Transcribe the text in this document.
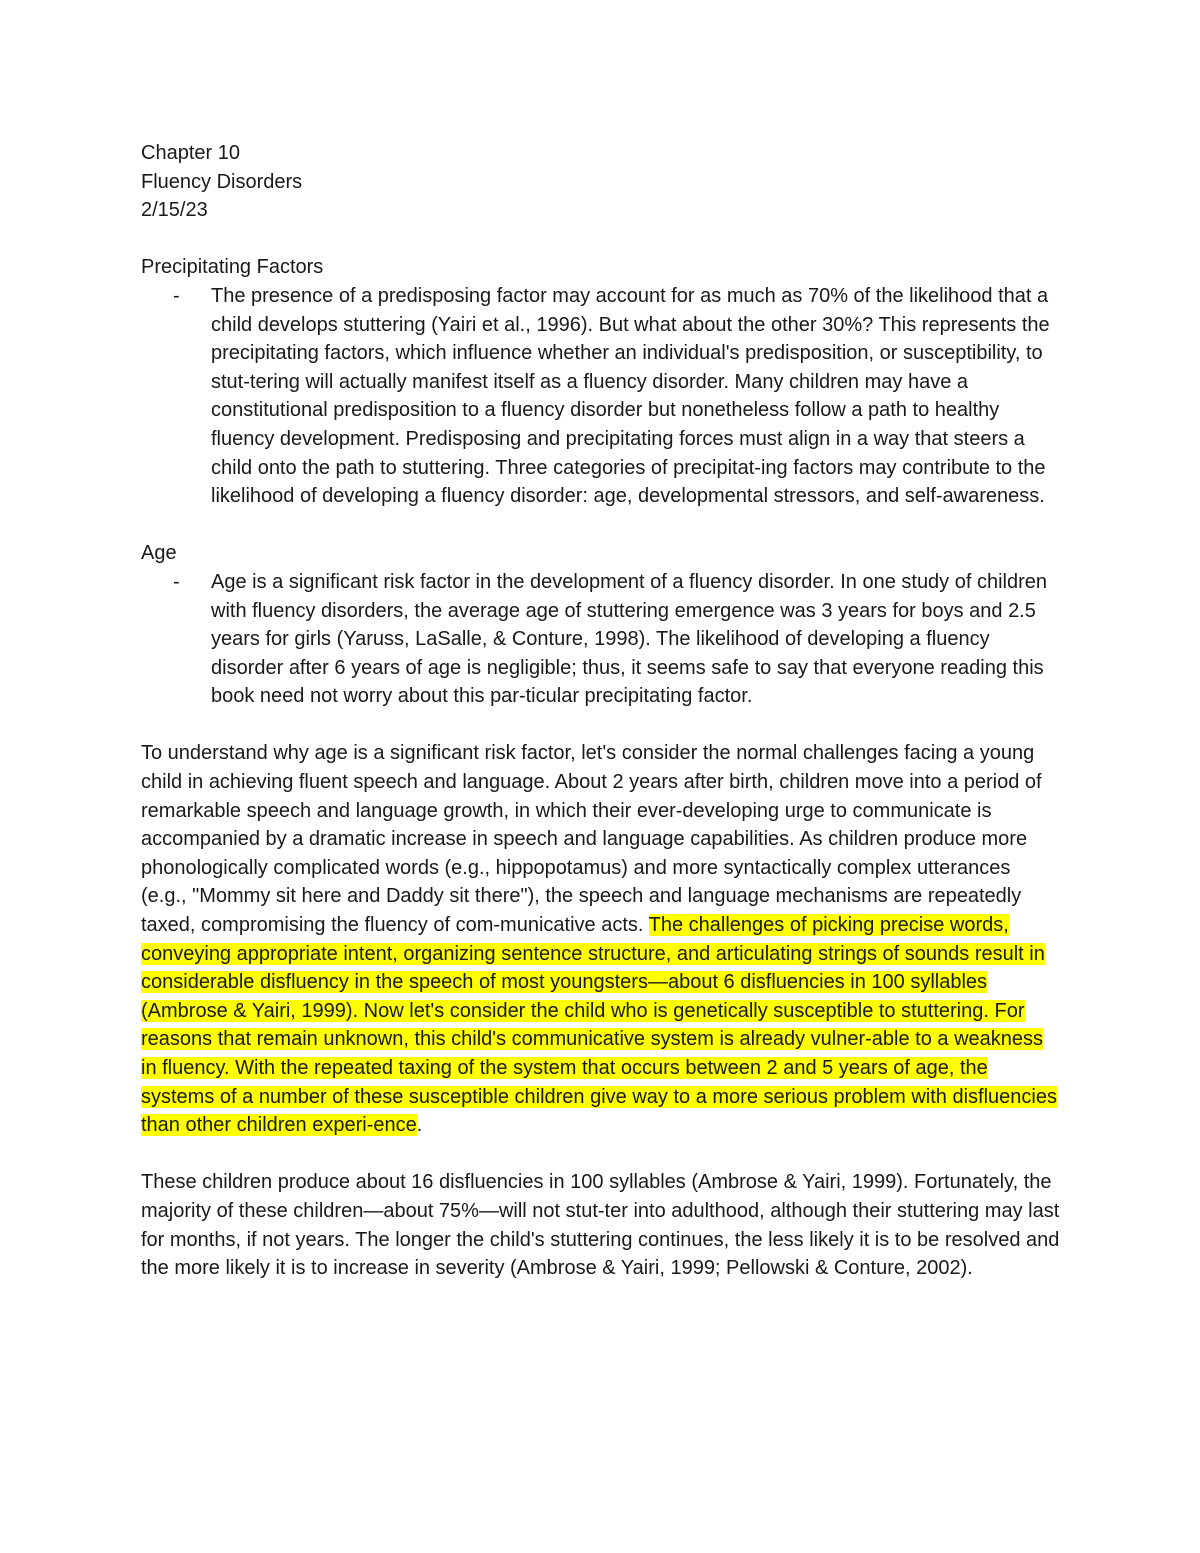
Chapter 10
Fluency Disorders
2/15/23
Precipitating Factors
- The presence of a predisposing factor may account for as much as 70% of the likelihood that a child develops stuttering (Yairi et al., 1996). But what about the other 30%? This represents the precipitating factors, which influence whether an individual's predisposition, or susceptibility, to stut-tering will actually manifest itself as a fluency disorder. Many children may have a constitutional predisposition to a fluency disorder but nonetheless follow a path to healthy fluency development. Predisposing and precipitating forces must align in a way that steers a child onto the path to stuttering. Three categories of precipitat-ing factors may contribute to the likelihood of developing a fluency disorder: age, developmental stressors, and self-awareness.
Age
- Age is a significant risk factor in the development of a fluency disorder. In one study of children with fluency disorders, the average age of stuttering emergence was 3 years for boys and 2.5 years for girls (Yaruss, LaSalle, & Conture, 1998). The likelihood of developing a fluency disorder after 6 years of age is negligible; thus, it seems safe to say that everyone reading this book need not worry about this par-ticular precipitating factor.

To understand why age is a significant risk factor, let's consider the normal challenges facing a young child in achieving fluent speech and language. About 2 years after birth, children move into a period of remarkable speech and language growth, in which their ever-developing urge to communicate is accompanied by a dramatic increase in speech and language capabilities. As children produce more phonologically complicated words (e.g., hippopotamus) and more syntactically complex utterances (e.g., "Mommy sit here and Daddy sit there"), the speech and language mechanisms are repeatedly taxed, compromising the fluency of com-municative acts. The challenges of picking precise words, conveying appropriate intent, organizing sentence structure, and articulating strings of sounds result in considerable disfluency in the speech of most youngsters—about 6 disfluencies in 100 syllables (Ambrose & Yairi, 1999). Now let's consider the child who is genetically susceptible to stuttering. For reasons that remain unknown, this child's communicative system is already vulner-able to a weakness in fluency. With the repeated taxing of the system that occurs between 2 and 5 years of age, the systems of a number of these susceptible children give way to a more serious problem with disfluencies than other children experi-ence.

These children produce about 16 disfluencies in 100 syllables (Ambrose & Yairi, 1999). Fortunately, the majority of these children—about 75%—will not stut-ter into adulthood, although their stuttering may last for months, if not years. The longer the child's stuttering continues, the less likely it is to be resolved and the more likely it is to increase in severity (Ambrose & Yairi, 1999; Pellowski & Conture, 2002).
